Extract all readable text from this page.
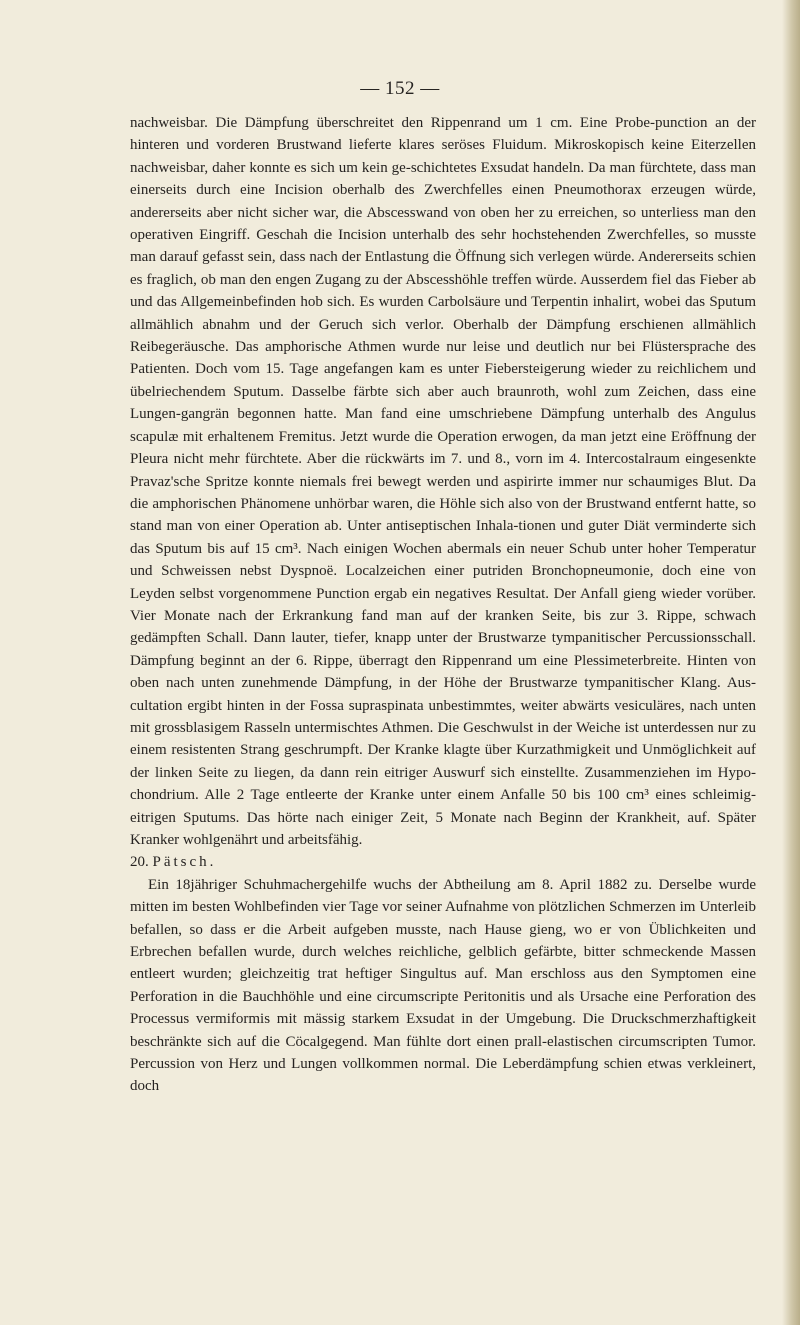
— 152 —

nachweisbar. Die Dämpfung überschreitet den Rippenrand um 1 cm. Eine Probe-punction an der hinteren und vorderen Brustwand lieferte klares seröses Fluidum. Mikroskopisch keine Eiterzellen nachweisbar, daher konnte es sich um kein ge-schichtetes Exsudat handeln. Da man fürchtete, dass man einerseits durch eine Incision oberhalb des Zwerchfelles einen Pneumothorax erzeugen würde, andererseits aber nicht sicher war, die Abscesswand von oben her zu erreichen, so unterliess man den operativen Eingriff. Geschah die Incision unterhalb des sehr hochstehenden Zwerchfelles, so musste man darauf gefasst sein, dass nach der Entlastung die Öffnung sich verlegen würde. Andererseits schien es fraglich, ob man den engen Zugang zu der Abscesshöhle treffen würde. Ausserdem fiel das Fieber ab und das Allgemeinbefinden hob sich. Es wurden Carbolsäure und Terpentin inhalirt, wobei das Sputum allmählich abnahm und der Geruch sich verlor. Oberhalb der Dämpfung erschienen allmählich Reibegeräusche. Das amphorische Athmen wurde nur leise und deutlich nur bei Flüstersprache des Patienten. Doch vom 15. Tage angefangen kam es unter Fiebersteigerung wieder zu reichlichem und übelriechendem Sputum. Dasselbe färbte sich aber auch braunroth, wohl zum Zeichen, dass eine Lungen-gangrän begonnen hatte. Man fand eine umschriebene Dämpfung unterhalb des Angulus scapulæ mit erhaltenem Fremitus. Jetzt wurde die Operation erwogen, da man jetzt eine Eröffnung der Pleura nicht mehr fürchtete. Aber die rückwärts im 7. und 8., vorn im 4. Intercostalraum eingesenkte Pravaz'sche Spritze konnte niemals frei bewegt werden und aspirirte immer nur schaumiges Blut. Da die amphorischen Phänomene unhörbar waren, die Höhle sich also von der Brustwand entfernt hatte, so stand man von einer Operation ab. Unter antiseptischen Inhala-tionen und guter Diät verminderte sich das Sputum bis auf 15 cm³. Nach einigen Wochen abermals ein neuer Schub unter hoher Temperatur und Schweissen nebst Dyspnoë. Localzeichen einer putriden Bronchopneumonie, doch eine von Leyden selbst vorgenommene Punction ergab ein negatives Resultat. Der Anfall gieng wieder vorüber. Vier Monate nach der Erkrankung fand man auf der kranken Seite, bis zur 3. Rippe, schwach gedämpften Schall. Dann lauter, tiefer, knapp unter der Brustwarze tympanitischer Percussionsschall. Dämpfung beginnt an der 6. Rippe, überragt den Rippenrand um eine Plessimeterbreite. Hinten von oben nach unten zunehmende Dämpfung, in der Höhe der Brustwarze tympanitischer Klang. Aus-cultation ergibt hinten in der Fossa supraspinata unbestimmtes, weiter abwärts vesiculäres, nach unten mit grossblasigem Rasseln untermischtes Athmen. Die Geschwulst in der Weiche ist unterdessen nur zu einem resistenten Strang geschrumpft. Der Kranke klagte über Kurzathmigkeit und Unmöglichkeit auf der linken Seite zu liegen, da dann rein eitriger Auswurf sich einstellte. Zusammenziehen im Hypo-chondrium. Alle 2 Tage entleerte der Kranke unter einem Anfalle 50 bis 100 cm³ eines schleimig-eitrigen Sputums. Das hörte nach einiger Zeit, 5 Monate nach Beginn der Krankheit, auf. Später Kranker wohlgenährt und arbeitsfähig.

20. Pätsch.

Ein 18jähriger Schuhmachergehilfe wuchs der Abtheilung am 8. April 1882 zu. Derselbe wurde mitten im besten Wohlbefinden vier Tage vor seiner Aufnahme von plötzlichen Schmerzen im Unterleib befallen, so dass er die Arbeit aufgeben musste, nach Hause gieng, wo er von Üblichkeiten und Erbrechen befallen wurde, durch welches reichliche, gelblich gefärbte, bitter schmeckende Massen entleert wurden; gleichzeitig trat heftiger Singultus auf. Man erschloss aus den Symptomen eine Perforation in die Bauchhöhle und eine circumscripte Peritonitis und als Ursache eine Perforation des Processus vermiformis mit mässig starkem Exsudat in der Umgebung. Die Druckschmerzhaftigkeit beschränkte sich auf die Cöcalgegend. Man fühlte dort einen prall-elastischen circumscripten Tumor. Percussion von Herz und Lungen vollkommen normal. Die Leberdämpfung schien etwas verkleinert, doch
